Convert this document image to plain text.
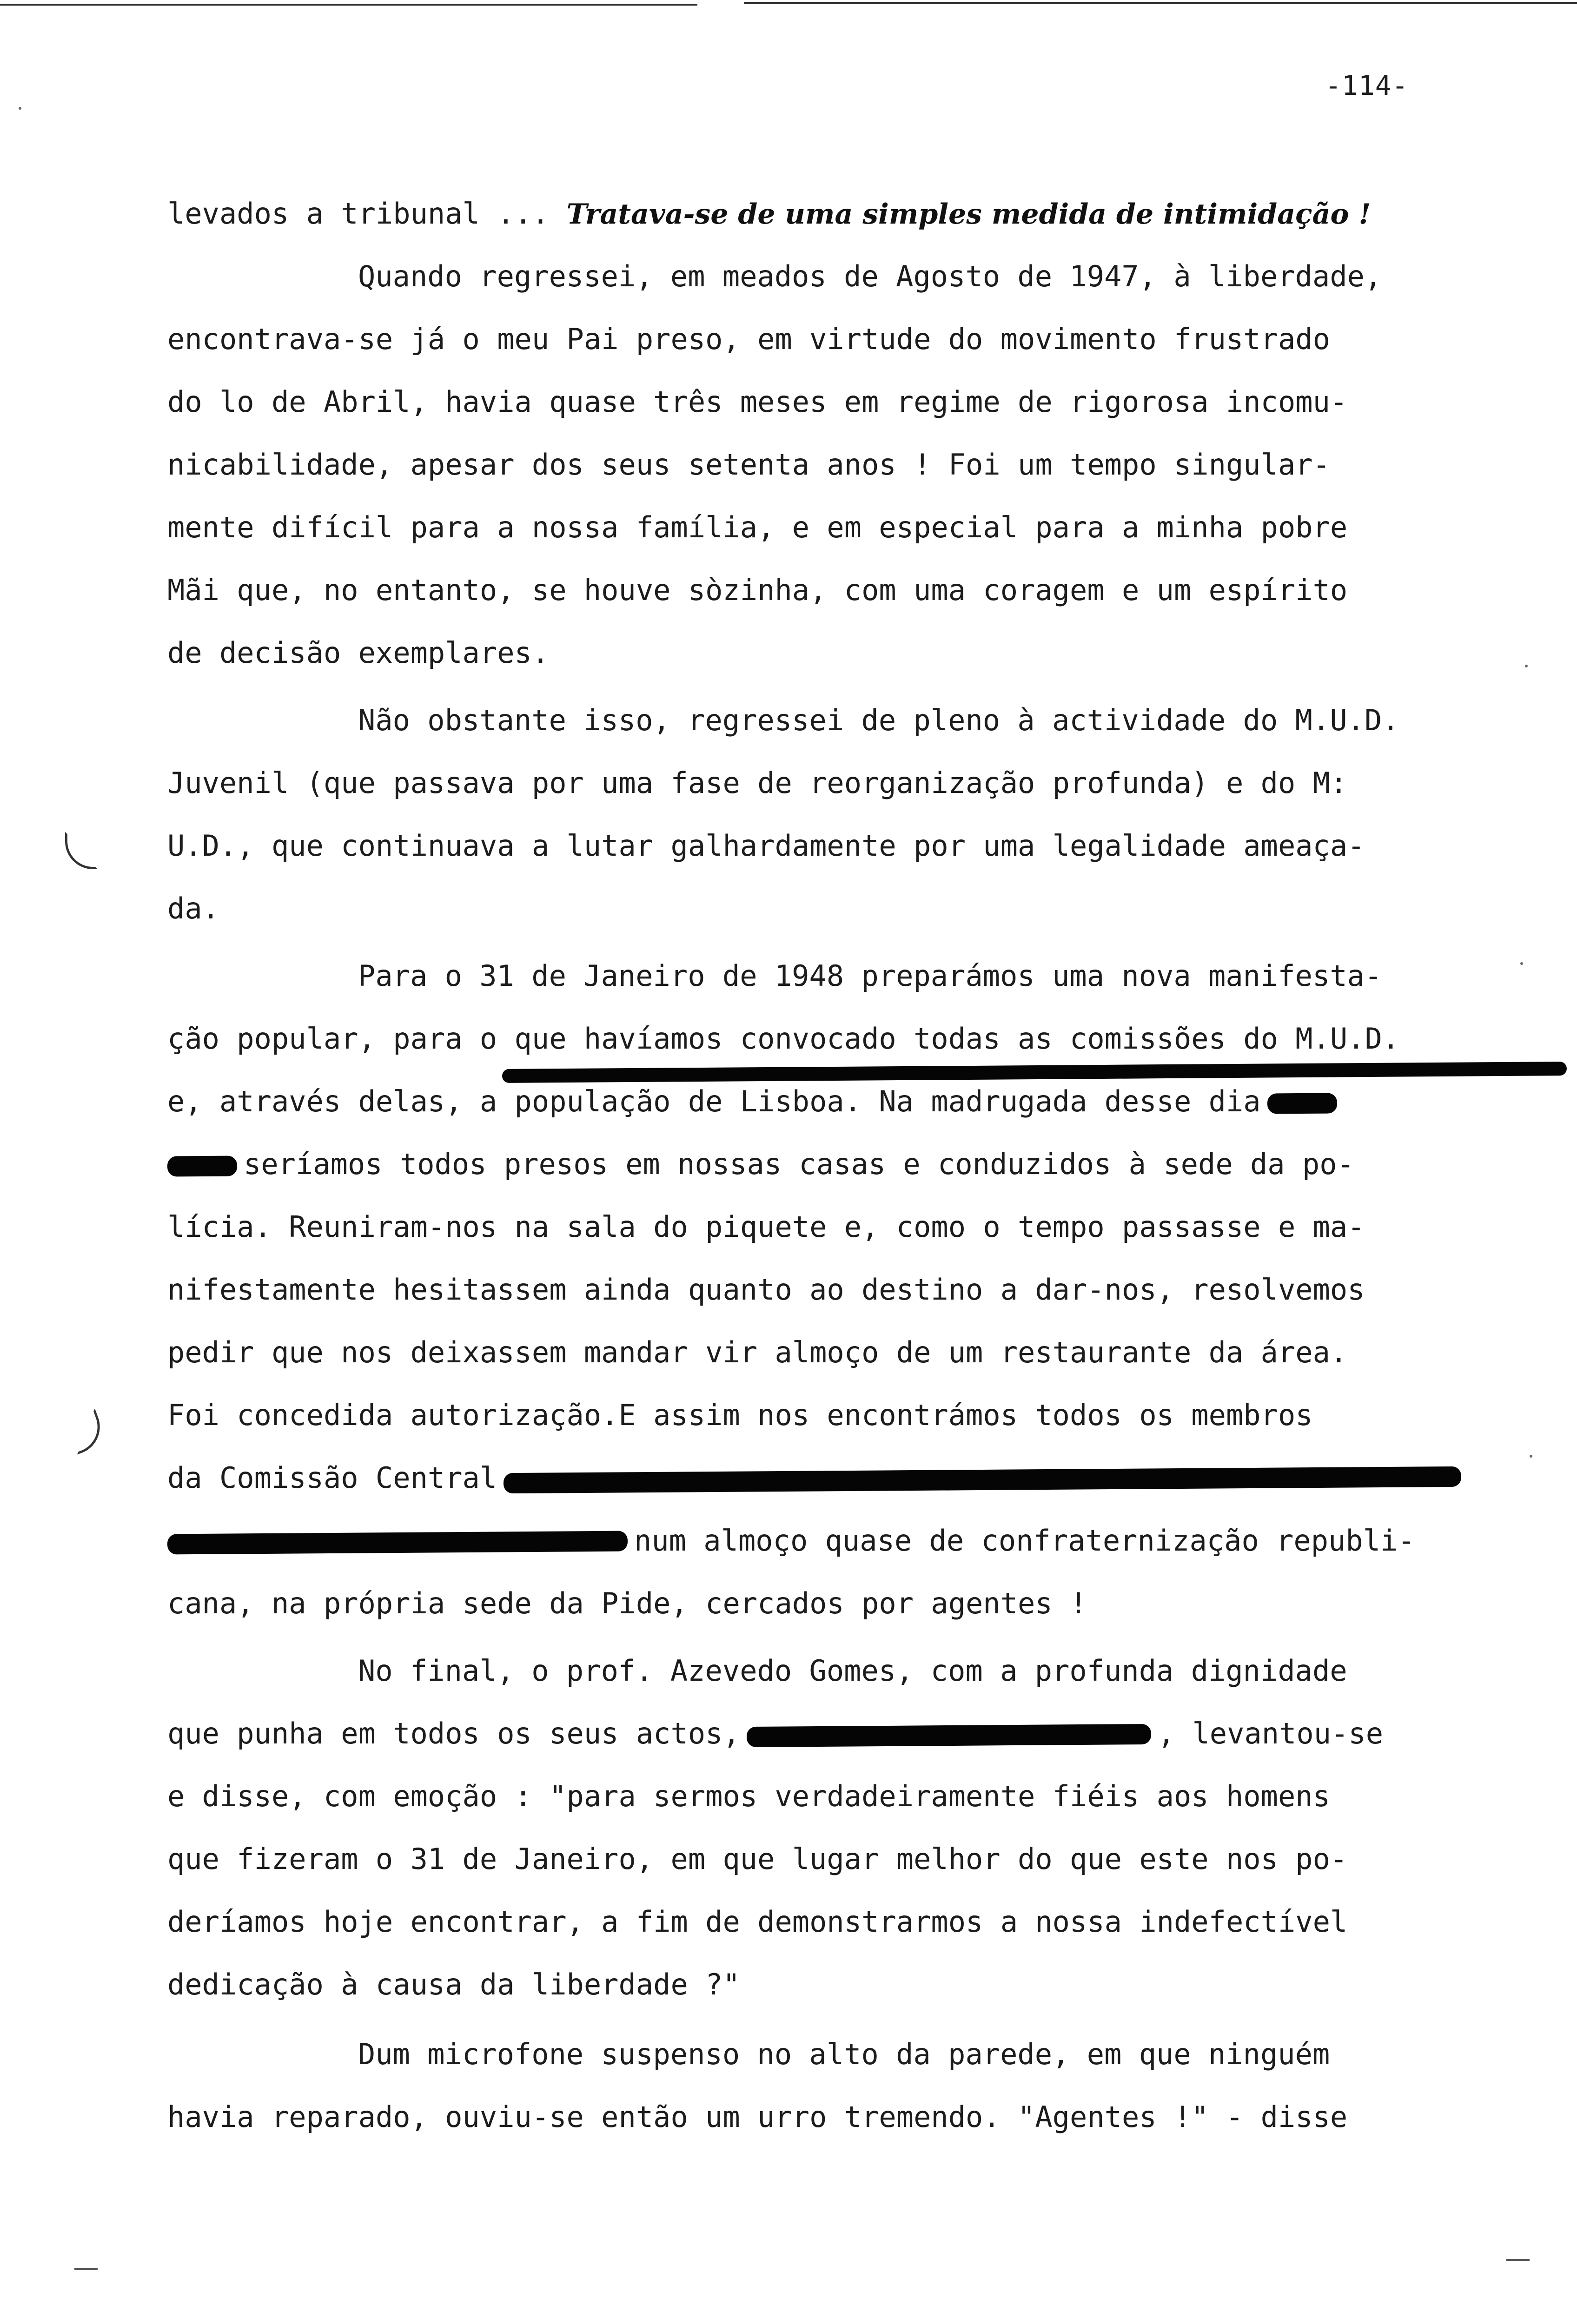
-114-
levados a tribunal ... Tratava-se de uma simples medida de intimidação !
Quando regressei, em meados de Agosto de 1947, à liberdade,
encontrava-se já o meu Pai preso, em virtude do movimento frustrado
do lo de Abril, havia quase três meses em regime de rigorosa incomu-
nicabilidade, apesar dos seus setenta anos ! Foi um tempo singular-
mente difícil para a nossa família, e em especial para a minha pobre
Mãi que, no entanto, se houve sòzinha, com uma coragem e um espírito
de decisão exemplares.
Não obstante isso, regressei de pleno à actividade do M.U.D.
Juvenil (que passava por uma fase de reorganização profunda) e do M:
U.D., que continuava a lutar galhardamente por uma legalidade ameaça-
da.
Para o 31 de Janeiro de 1948 preparámos uma nova manifesta-
ção popular, para o que havíamos convocado todas as comissões do M.U.D.
e, através delas, a população de Lisboa. Na madrugada desse dia
seríamos todos presos em nossas casas e conduzidos à sede da po-
lícia. Reuniram-nos na sala do piquete e, como o tempo passasse e ma-
nifestamente hesitassem ainda quanto ao destino a dar-nos, resolvemos
pedir que nos deixassem mandar vir almoço de um restaurante da área.
Foi concedida autorização.E assim nos encontrámos todos os membros
da Comissão Central
num almoço quase de confraternização republi-
cana, na própria sede da Pide, cercados por agentes !
No final, o prof. Azevedo Gomes, com a profunda dignidade
que punha em todos os seus actos,	, levantou-se
e disse, com emoção : "para sermos verdadeiramente fiéis aos homens
que fizeram o 31 de Janeiro, em que lugar melhor do que este nos po-
deríamos hoje encontrar, a fim de demonstrarmos a nossa indefectível
dedicação à causa da liberdade ?"
Dum microfone suspenso no alto da parede, em que ninguém
havia reparado, ouviu-se então um urro tremendo. "Agentes !" - disse
